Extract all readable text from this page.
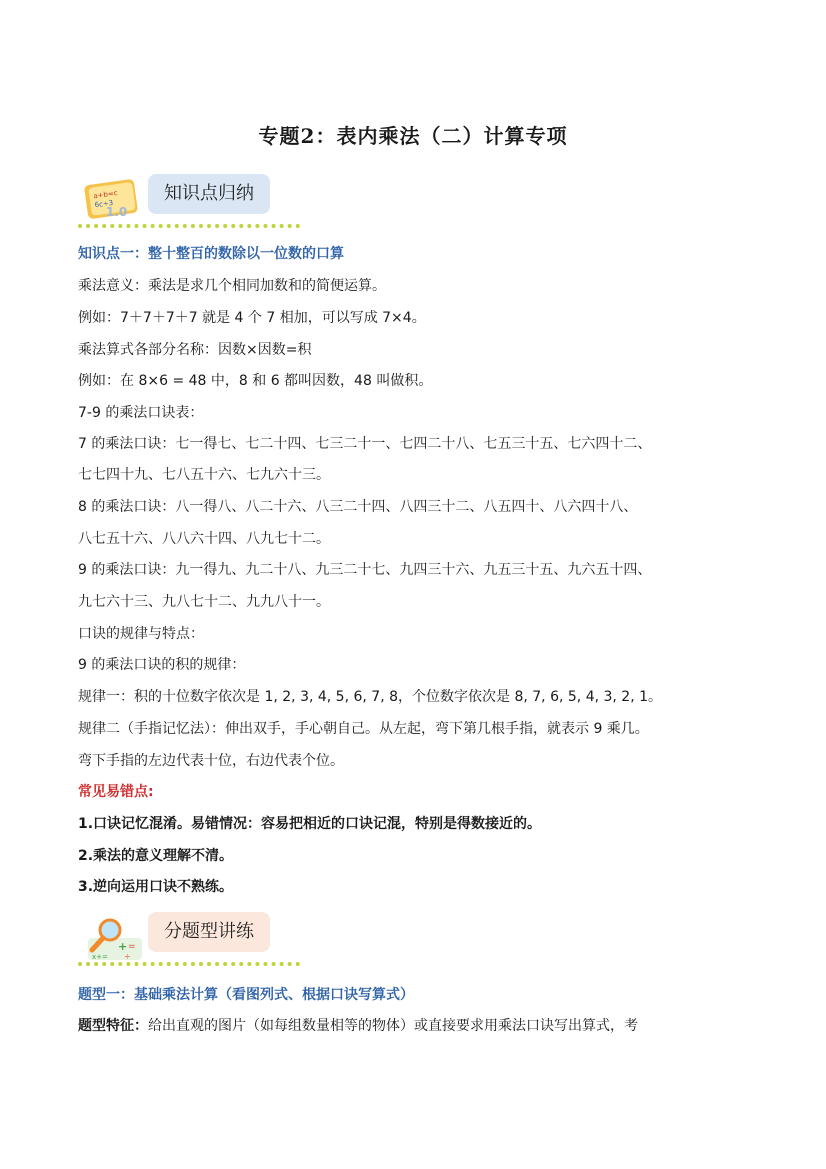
专题2：表内乘法（二）计算专项
a+b=c
6c÷3
1.0
知识点归纳
知识点一：整十整百的数除以一位数的口算
乘法意义：乘法是求几个相同加数和的简便运算。
例如：7＋7＋7＋7 就是 4 个 7 相加，可以写成 7×4。
乘法算式各部分名称：因数×因数=积
例如：在 8×6 = 48 中，8 和 6 都叫因数，48 叫做积。
7-9 的乘法口诀表：
7 的乘法口诀：七一得七、七二十四、七三二十一、七四二十八、七五三十五、七六四十二、
七七四十九、七八五十六、七九六十三。
8 的乘法口诀：八一得八、八二十六、八三二十四、八四三十二、八五四十、八六四十八、
八七五十六、八八六十四、八九七十二。
9 的乘法口诀：九一得九、九二十八、九三二十七、九四三十六、九五三十五、九六五十四、
九七六十三、九八七十二、九九八十一。
口诀的规律与特点：
9 的乘法口诀的积的规律：
规律一：积的十位数字依次是 1, 2, 3, 4, 5, 6, 7, 8，个位数字依次是 8, 7, 6, 5, 4, 3, 2, 1。
规律二（手指记忆法）：伸出双手，手心朝自己。从左起，弯下第几根手指，就表示 9 乘几。
弯下手指的左边代表十位，右边代表个位。
常见易错点:
1.口诀记忆混淆。易错情况：容易把相近的口诀记混，特别是得数接近的。
2.乘法的意义理解不清。
3.逆向运用口诀不熟练。
+ =
x+= ÷
分题型讲练
题型一：基础乘法计算（看图列式、根据口诀写算式）
题型特征：给出直观的图片（如每组数量相等的物体）或直接要求用乘法口诀写出算式，考
